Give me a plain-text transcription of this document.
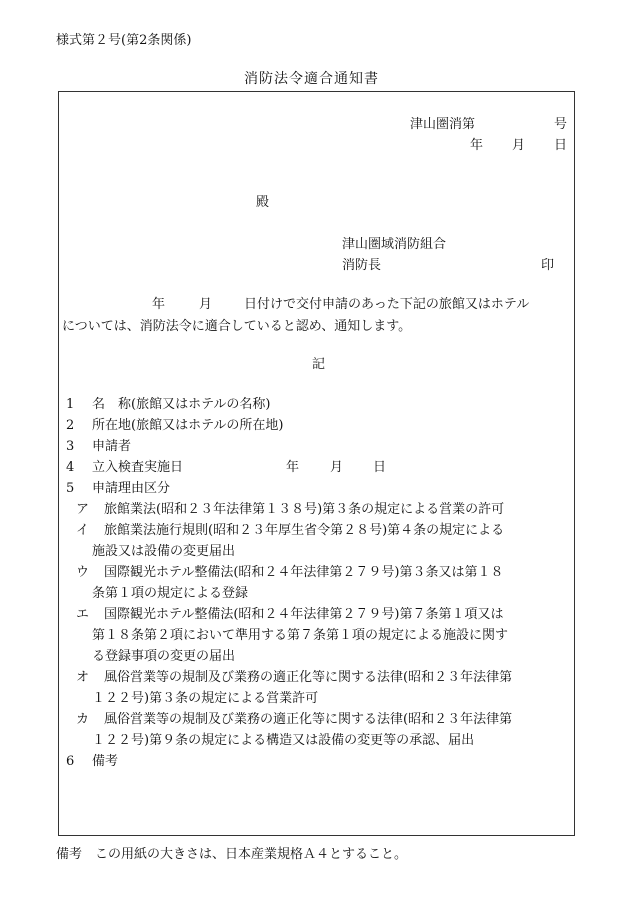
様式第２号(第2条関係)
消防法令適合通知書
津山圏消第	号
年 月 日
殿
津山圏域消防組合
消防長	印
年	月 日付けで交付申請のあった下記の旅館又はホテル
については、消防法令に適合していると認め、通知します。
記
1 名　称(旅館又はホテルの名称)
2 所在地(旅館又はホテルの所在地)
3 申請者
4 立入検査実施日	年 月 日
5 申請理由区分
ア 旅館業法(昭和２３年法律第１３８号)第３条の規定による営業の許可
イ 旅館業法施行規則(昭和２３年厚生省令第２８号)第４条の規定による
施設又は設備の変更届出
ウ 国際観光ホテル整備法(昭和２４年法律第２７９号)第３条又は第１８
条第１項の規定による登録
エ 国際観光ホテル整備法(昭和２４年法律第２７９号)第７条第１項又は
第１８条第２項において準用する第７条第１項の規定による施設に関す
る登録事項の変更の届出
オ 風俗営業等の規制及び業務の適正化等に関する法律(昭和２３年法律第
１２２号)第３条の規定による営業許可
カ 風俗営業等の規制及び業務の適正化等に関する法律(昭和２３年法律第
１２２号)第９条の規定による構造又は設備の変更等の承認、届出
6 備考
備考　この用紙の大きさは、日本産業規格Ａ４とすること。
